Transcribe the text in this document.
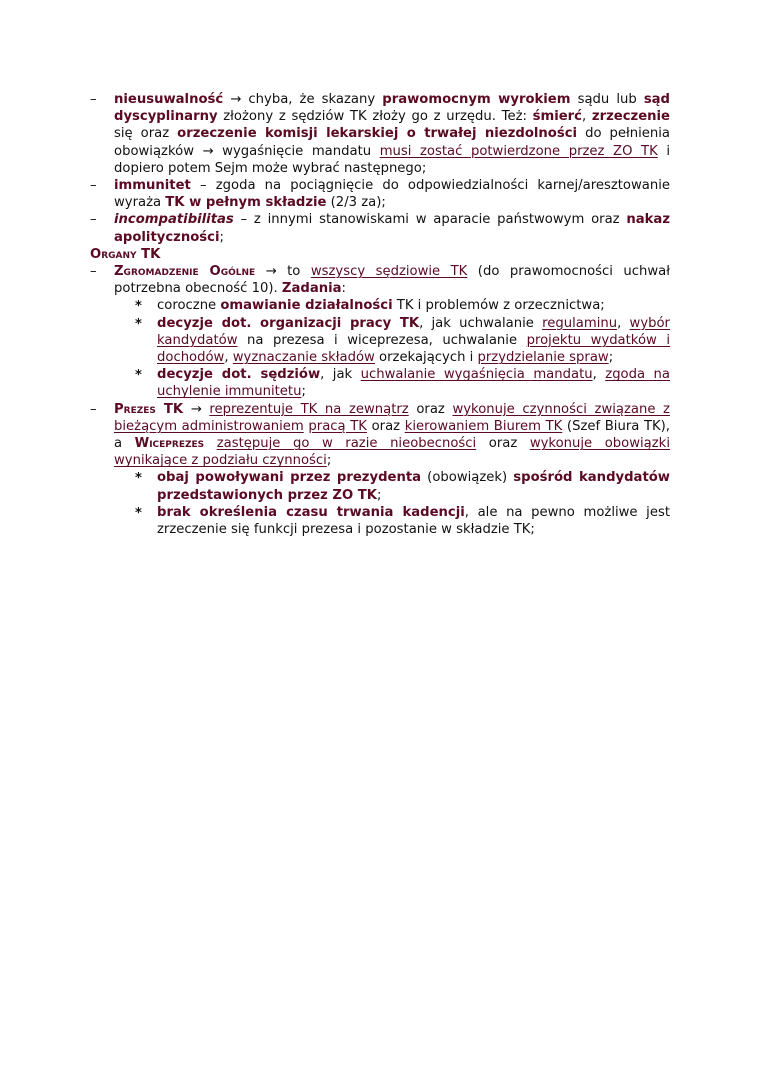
– nieusuwalność → chyba, że skazany prawomocnym wyrokiem sądu lub sąd dyscyplinarny złożony z sędziów TK złoży go z urzędu. Też: śmierć, zrzeczenie się oraz orzeczenie komisji lekarskiej o trwałej niezdolności do pełnienia obowiązków → wygaśnięcie mandatu musi zostać potwierdzone przez ZO TK i dopiero potem Sejm może wybrać następnego;
– immunitet – zgoda na pociągnięcie do odpowiedzialności karnej/aresztowanie wyraża TK w pełnym składzie (2/3 za);
– incompatibilitas – z innymi stanowiskami w aparacie państwowym oraz nakaz apolityczności;
Organy TK
– Zgromadzenie Ogólne → to wszyscy sędziowie TK (do prawomocności uchwał potrzebna obecność 10). Zadania:
* coroczne omawianie działalności TK i problemów z orzecznictwa;
* decyzje dot. organizacji pracy TK, jak uchwalanie regulaminu, wybór kandydatów na prezesa i wiceprezesa, uchwalanie projektu wydatków i dochodów, wyznaczanie składów orzekających i przydzielanie spraw;
* decyzje dot. sędziów, jak uchwalanie wygaśnięcia mandatu, zgoda na uchylenie immunitetu;
– Prezes TK → reprezentuje TK na zewnątrz oraz wykonuje czynności związane z bieżącym administrowaniem pracą TK oraz kierowaniem Biurem TK (Szef Biura TK), a Wiceprezes zastępuje go w razie nieobecności oraz wykonuje obowiązki wynikające z podziału czynności;
* obaj powoływani przez prezydenta (obowiązek) spośród kandydatów przedstawionych przez ZO TK;
* brak określenia czasu trwania kadencji, ale na pewno możliwe jest zrzeczenie się funkcji prezesa i pozostanie w składzie TK;
